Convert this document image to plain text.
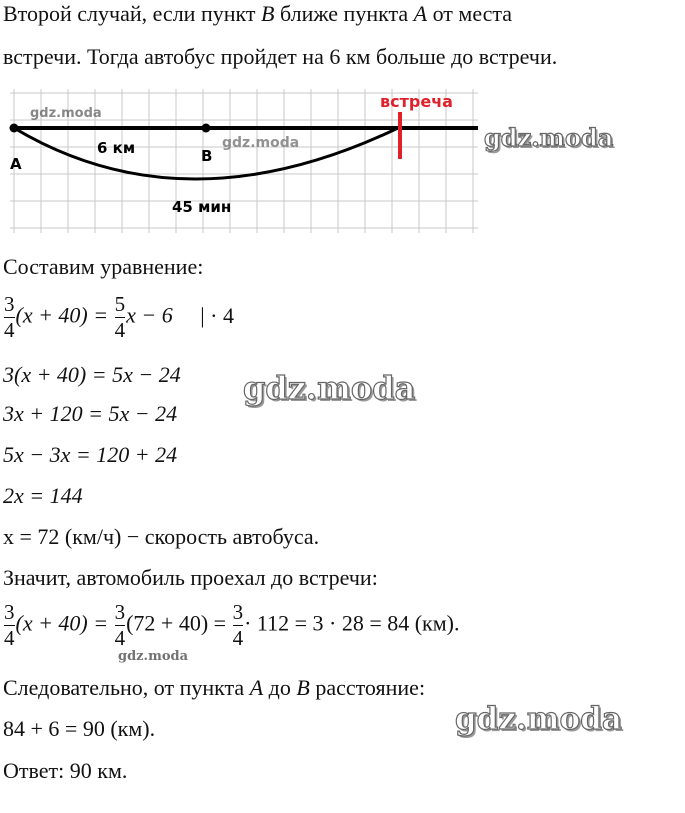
Второй случай, если пункт B ближе пункта A от места
встречи. Тогда автобус пройдет на 6 км больше до встречи.
встреча
A	B
6 км
45 мин
gdz.moda
gdz.moda	gdz.moda
gdz.moda
gdz.moda
gdz.moda
Составим уравнение:
$\frac{3}{4} (x + 40) = \frac{5}{4}$ x − 6 | · 4
3(x + 40) = 5x − 24
3x + 120 = 5x − 24
5x − 3x = 120 + 24
2x = 144
x = 72 (км/ч) − скорость автобуса.
Значит, автомобиль проехал до встречи:
$\frac{3}{4} (x + 40) = \frac{3}{4} (72 + 40) = \frac{3}{4} \cdot 112 = 3 \cdot 28 = 84$ (км).
Следовательно, от пункта A до B расстояние:
84 + 6 = 90 (км).
Ответ: 90 км.
